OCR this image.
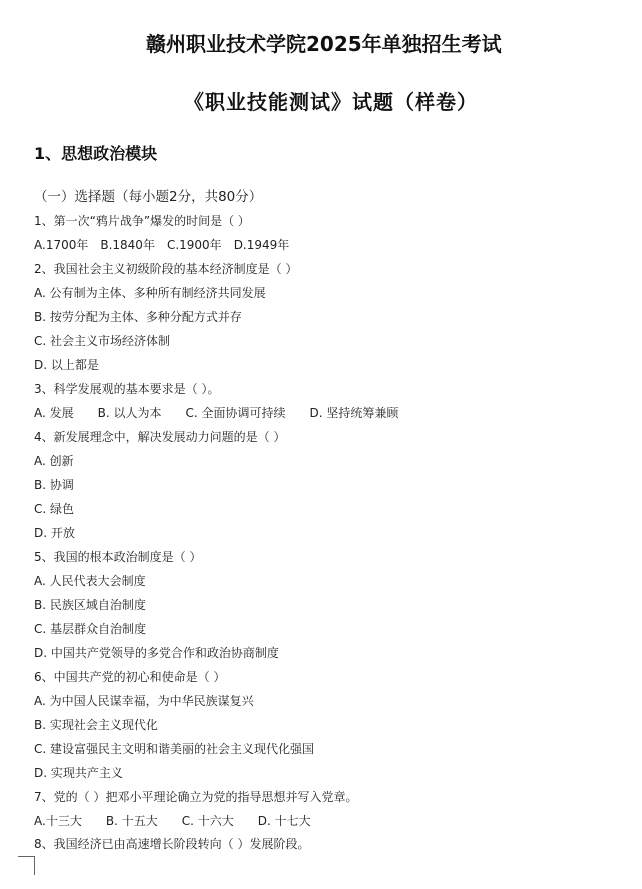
赣州职业技术学院2025年单独招生考试
《职业技能测试》试题（样卷）
1、思想政治模块
（一）选择题（每小题2分，共80分）
1、第一次“鸦片战争”爆发的时间是（ ）
A.1700年 B.1840年 C.1900年 D.1949年
2、我国社会主义初级阶段的基本经济制度是（ ）
A. 公有制为主体、多种所有制经济共同发展
B. 按劳分配为主体、多种分配方式并存
C. 社会主义市场经济体制
D. 以上都是
3、科学发展观的基本要求是（ ）。
A. 发展 B. 以人为本 C. 全面协调可持续 D. 坚持统筹兼顾
4、新发展理念中，解决发展动力问题的是（ ）
A. 创新
B. 协调
C. 绿色
D. 开放
5、我国的根本政治制度是（ ）
A. 人民代表大会制度
B. 民族区域自治制度
C. 基层群众自治制度
D. 中国共产党领导的多党合作和政治协商制度
6、中国共产党的初心和使命是（ ）
A. 为中国人民谋幸福，为中华民族谋复兴
B. 实现社会主义现代化
C. 建设富强民主文明和谐美丽的社会主义现代化强国
D. 实现共产主义
7、党的（ ）把邓小平理论确立为党的指导思想并写入党章。
A.十三大 B. 十五大 C. 十六大 D. 十七大
8、我国经济已由高速增长阶段转向（ ）发展阶段。
